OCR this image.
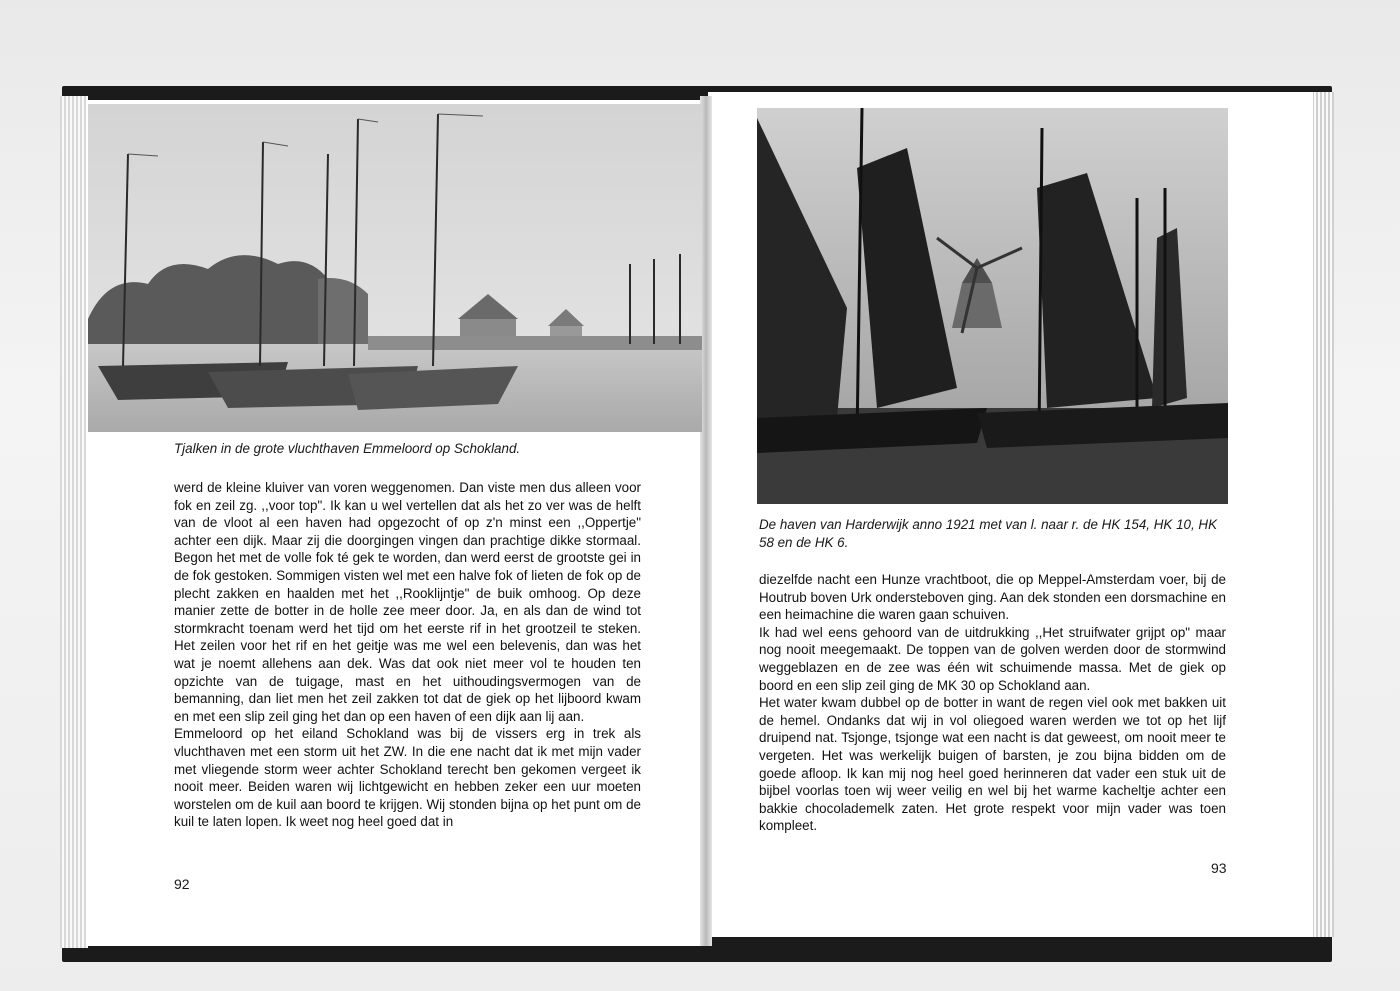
Tjalken in de grote vluchthaven Emmeloord op Schokland.

werd de kleine kluiver van voren weggenomen. Dan viste men dus alleen voor fok en zeil zg. ,,voor top". Ik kan u wel vertellen dat als het zo ver was de helft van de vloot al een haven had opgezocht of op z'n minst een ,,Oppertje" achter een dijk. Maar zij die doorgingen vingen dan prachtige dikke stormaal. Begon het met de volle fok té gek te worden, dan werd eerst de grootste gei in de fok gestoken. Sommigen visten wel met een halve fok of lieten de fok op de plecht zakken en haalden met het ,,Rooklijntje" de buik omhoog. Op deze manier zette de botter in de holle zee meer door. Ja, en als dan de wind tot stormkracht toenam werd het tijd om het eerste rif in het grootzeil te steken. Het zeilen voor het rif en het geitje was me wel een belevenis, dan was het wat je noemt allehens aan dek. Was dat ook niet meer vol te houden ten opzichte van de tuigage, mast en het uithoudingsvermogen van de bemanning, dan liet men het zeil zakken tot dat de giek op het lijboord kwam en met een slip zeil ging het dan op een haven of een dijk aan lij aan.

Emmeloord op het eiland Schokland was bij de vissers erg in trek als vluchthaven met een storm uit het ZW. In die ene nacht dat ik met mijn vader met vliegende storm weer achter Schokland terecht ben gekomen vergeet ik nooit meer. Beiden waren wij lichtgewicht en hebben zeker een uur moeten worstelen om de kuil aan boord te krijgen. Wij stonden bijna op het punt om de kuil te laten lopen. Ik weet nog heel goed dat in

92
De haven van Harderwijk anno 1921 met van l. naar r. de HK 154, HK 10, HK 58 en de HK 6.

diezelfde nacht een Hunze vrachtboot, die op Meppel-Amsterdam voer, bij de Houtrub boven Urk ondersteboven ging. Aan dek stonden een dorsmachine en een heimachine die waren gaan schuiven.

Ik had wel eens gehoord van de uitdrukking ,,Het struifwater grijpt op" maar nog nooit meegemaakt. De toppen van de golven werden door de stormwind weggeblazen en de zee was één wit schuimende massa. Met de giek op boord en een slip zeil ging de MK 30 op Schokland aan.

Het water kwam dubbel op de botter in want de regen viel ook met bakken uit de hemel. Ondanks dat wij in vol oliegoed waren werden we tot op het lijf druipend nat. Tsjonge, tsjonge wat een nacht is dat geweest, om nooit meer te vergeten. Het was werkelijk buigen of barsten, je zou bijna bidden om de goede afloop. Ik kan mij nog heel goed herinneren dat vader een stuk uit de bijbel voorlas toen wij weer veilig en wel bij het warme kacheltje achter een bakkie chocolademelk zaten. Het grote respekt voor mijn vader was toen kompleet.

93
